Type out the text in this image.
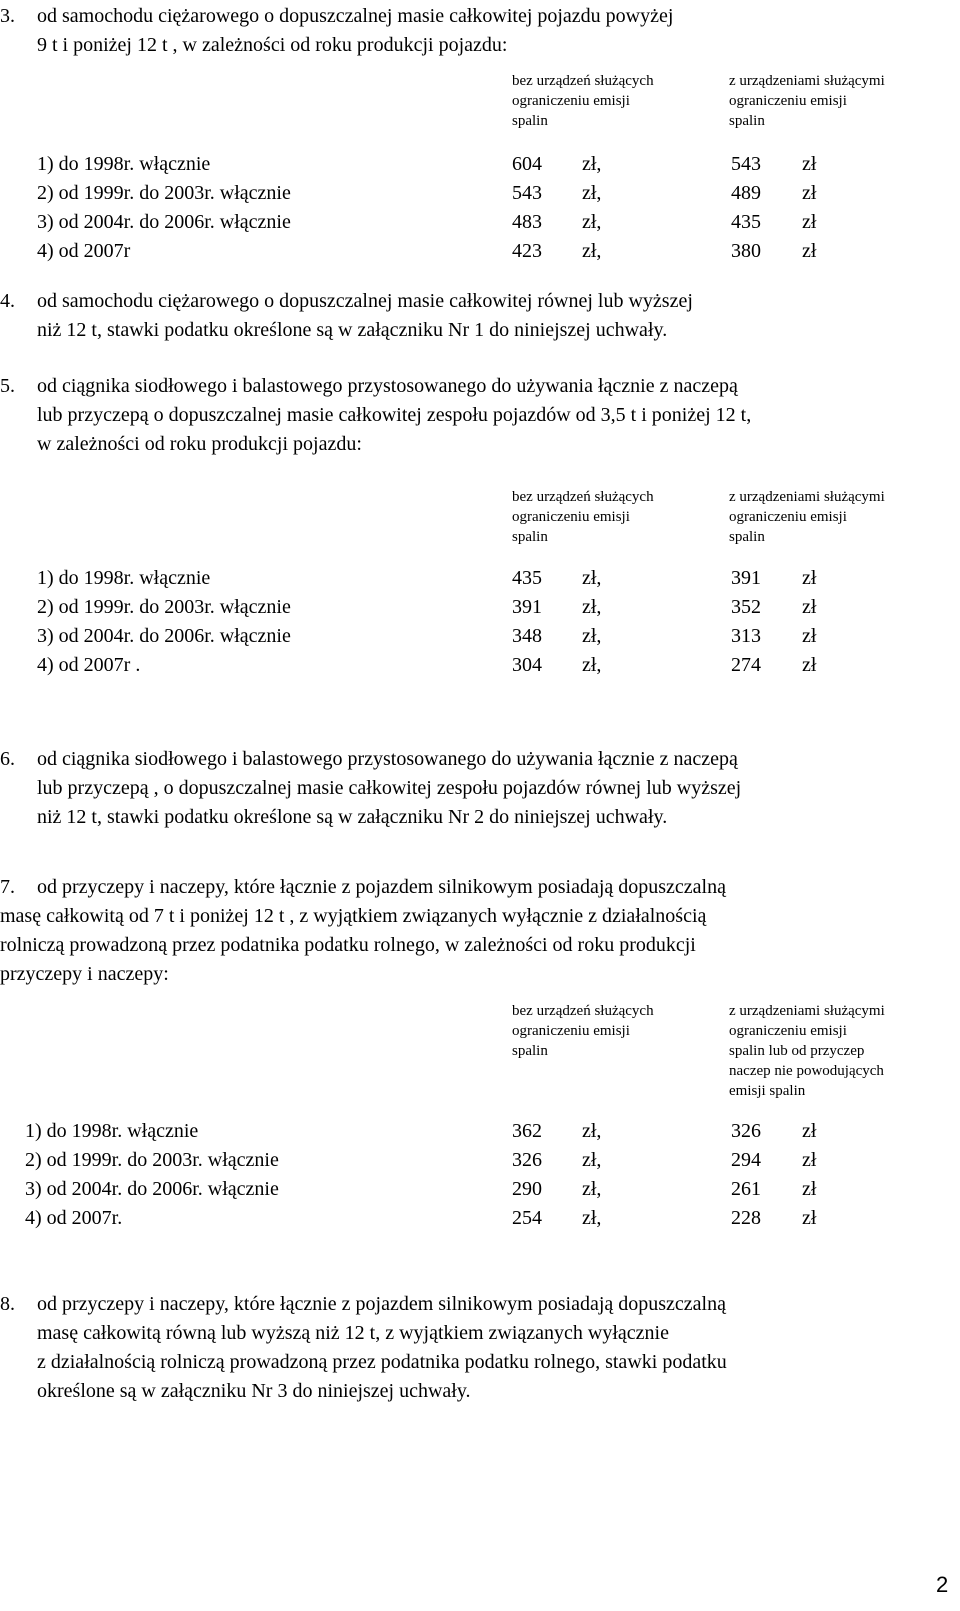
3. od samochodu ciężarowego o dopuszczalnej masie całkowitej pojazdu powyżej
9 t i poniżej 12 t , w zależności od roku produkcji pojazdu:
bez urządzeń służących
ograniczeniu emisji
spalin
z urządzeniami służącymi
ograniczeniu emisji
spalin
1) do 1998r. włącznie	604 zł,	543 zł
2) od 1999r. do 2003r. włącznie	543 zł,	489 zł
3) od 2004r. do 2006r. włącznie	483 zł,	435 zł
4) od 2007r	423 zł,	380 zł
4. od samochodu ciężarowego o dopuszczalnej masie całkowitej równej lub wyższej
niż 12 t, stawki podatku określone są w załączniku Nr 1 do niniejszej uchwały.
5. od ciągnika siodłowego i balastowego przystosowanego do używania łącznie z naczepą
lub przyczepą o dopuszczalnej masie całkowitej zespołu pojazdów od 3,5 t i poniżej 12 t,
w zależności od roku produkcji pojazdu:
bez urządzeń służących
ograniczeniu emisji
spalin
z urządzeniami służącymi
ograniczeniu emisji
spalin
1) do 1998r. włącznie	435 zł,	391 zł
2) od 1999r. do 2003r. włącznie	391 zł,	352 zł
3) od 2004r. do 2006r. włącznie	348 zł,	313 zł
4) od 2007r .	304 zł,	274 zł
6. od ciągnika siodłowego i balastowego przystosowanego do używania łącznie z naczepą
lub przyczepą , o dopuszczalnej masie całkowitej zespołu pojazdów równej lub wyższej
niż 12 t, stawki podatku określone są w załączniku Nr 2 do niniejszej uchwały.
7. od przyczepy i naczepy, które łącznie z pojazdem silnikowym posiadają dopuszczalną
masę całkowitą od 7 t i poniżej 12 t , z wyjątkiem związanych wyłącznie z działalnością
rolniczą prowadzoną przez podatnika podatku rolnego, w zależności od roku produkcji
przyczepy i naczepy:
bez urządzeń służących
ograniczeniu emisji
spalin
z urządzeniami służącymi
ograniczeniu emisji
spalin lub od przyczep
naczep nie powodujących
emisji spalin
1) do 1998r. włącznie	362 zł,	326 zł
2) od 1999r. do 2003r. włącznie	326 zł,	294 zł
3) od 2004r. do 2006r. włącznie	290 zł,	261 zł
4) od 2007r.	254 zł,	228 zł
8. od przyczepy i naczepy, które łącznie z pojazdem silnikowym posiadają dopuszczalną
masę całkowitą równą lub wyższą niż 12 t, z wyjątkiem związanych wyłącznie
z działalnością rolniczą prowadzoną przez podatnika podatku rolnego, stawki podatku
określone są w załączniku Nr 3 do niniejszej uchwały.
2
